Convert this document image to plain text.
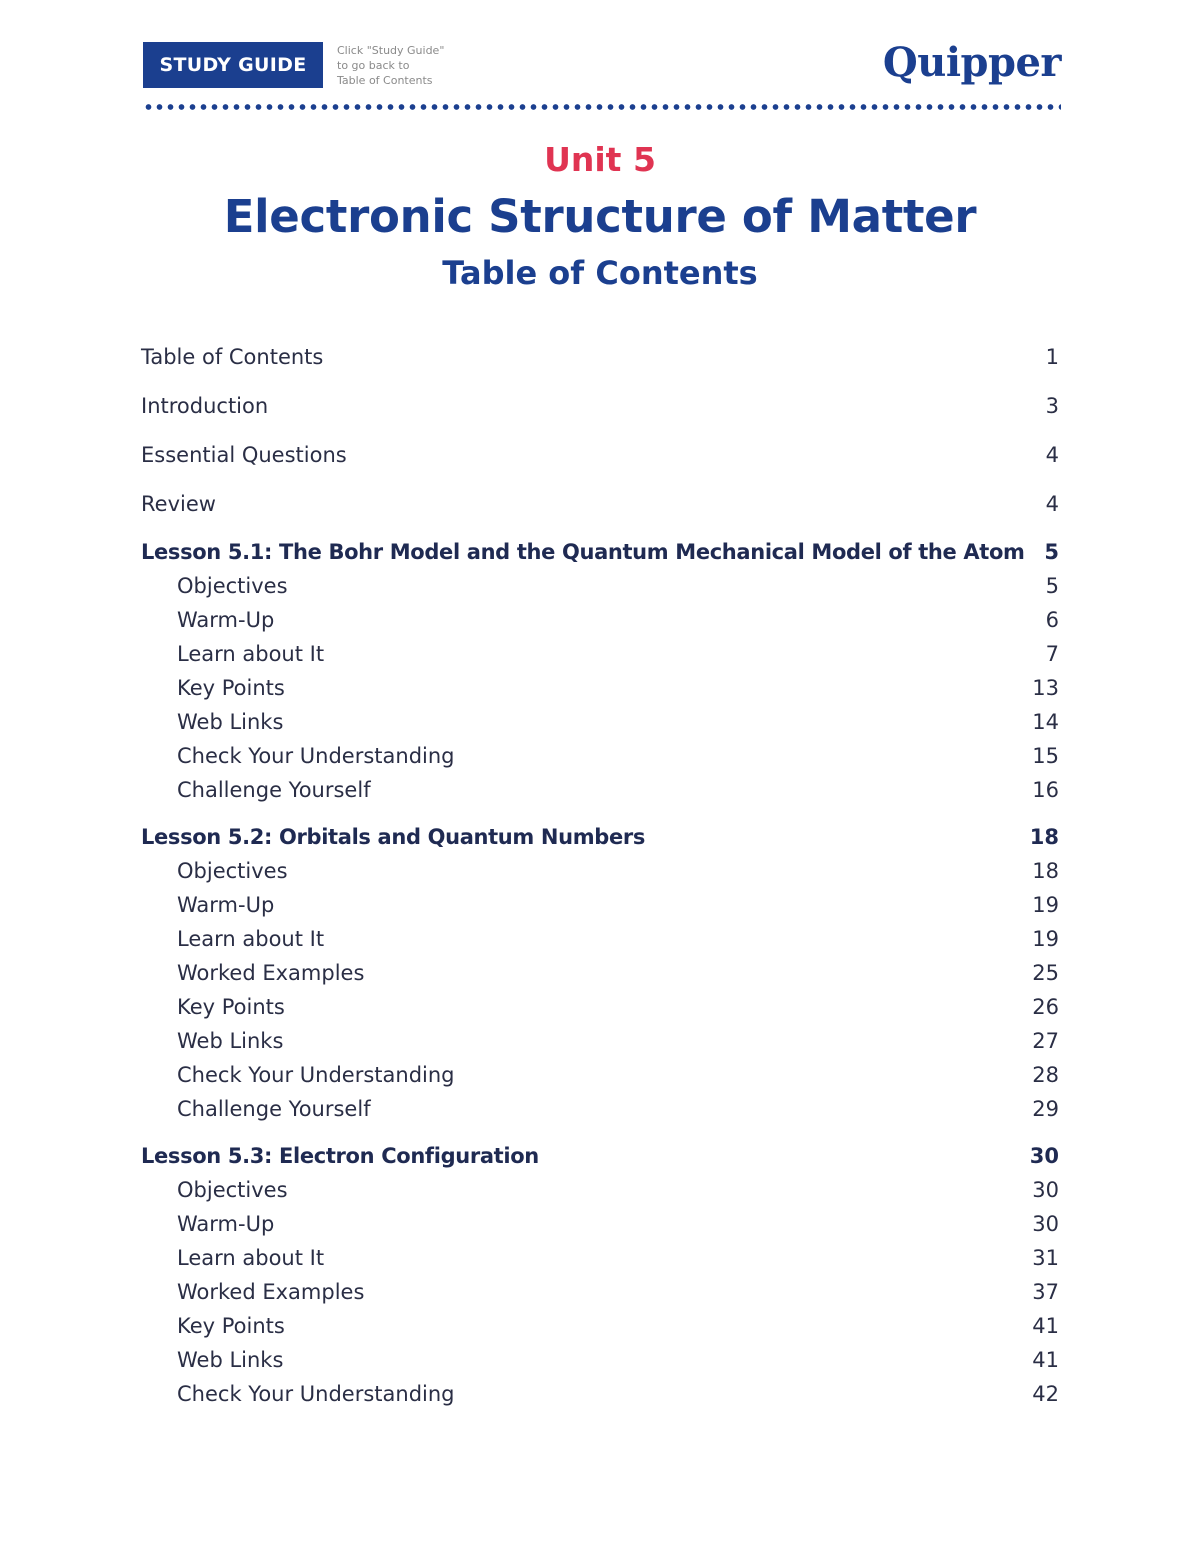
STUDY GUIDE
Click "Study Guide"
to go back to
Table of Contents	Quipper
Unit 5
Electronic Structure of Matter
Table of Contents
Table of Contents	1
Introduction	3
Essential Questions	4
Review	4
Lesson 5.1: The Bohr Model and the Quantum Mechanical Model of the Atom 5
Objectives	5
Warm-Up	6
Learn about It	7
Key Points	13
Web Links	14
Check Your Understanding	15
Challenge Yourself	16
Lesson 5.2: Orbitals and Quantum Numbers	18
Objectives	18
Warm-Up	19
Learn about It	19
Worked Examples	25
Key Points	26
Web Links	27
Check Your Understanding	28
Challenge Yourself	29
Lesson 5.3: Electron Configuration	30
Objectives	30
Warm-Up	30
Learn about It	31
Worked Examples	37
Key Points	41
Web Links	41
Check Your Understanding	42
